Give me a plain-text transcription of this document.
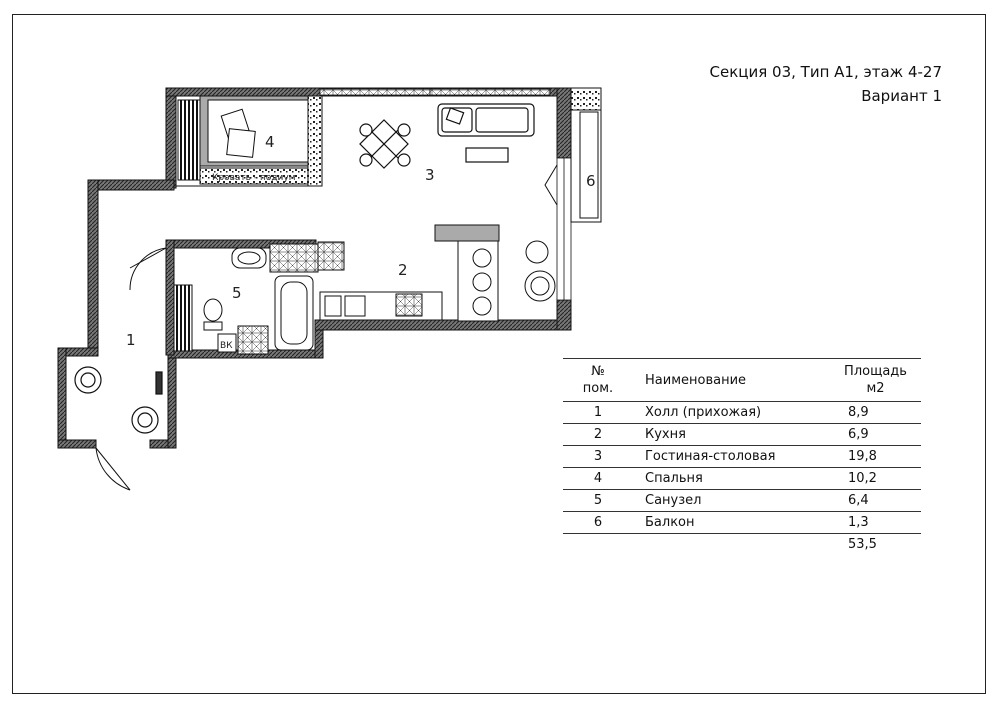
Секция 03, Тип А1, этаж 4-27
Вариант 1
Кровать - подиум
ВК
1
2
3
4
5
6
№
пом.	Наименование	Площадь
м2
1	Холл (прихожая)	8,9
2	Кухня	6,9
3	Гостиная-столовая	19,8
4	Спальня	10,2
5	Санузел	6,4
6	Балкон	1,3
		53,5
